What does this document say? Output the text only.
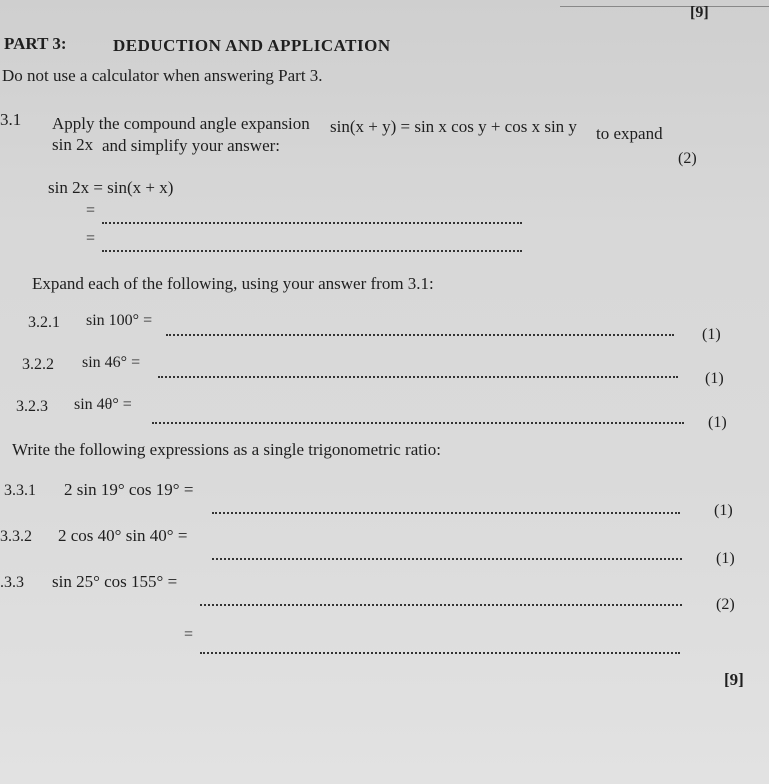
[9]
PART 3:	DEDUCTION AND APPLICATION
Do not use a calculator when answering Part 3.
3.1 Apply the compound angle expansion sin(x + y) = sin x cos y + cos x sin y to expand
sin 2x and simplify your answer:
(2)
sin 2x = sin(x + x)
=
=
Expand each of the following, using your answer from 3.1:
3.2.1 sin 100° =
(1)
3.2.2 sin 46° =
(1)
3.2.3 sin 4θ° =
(1)
Write the following expressions as a single trigonometric ratio:
3.3.1 2 sin 19° cos 19° =
(1)
3.3.2 2 cos 40° sin 40° =
(1)
.3.3 sin 25° cos 155° =
(2)
=
[9]
